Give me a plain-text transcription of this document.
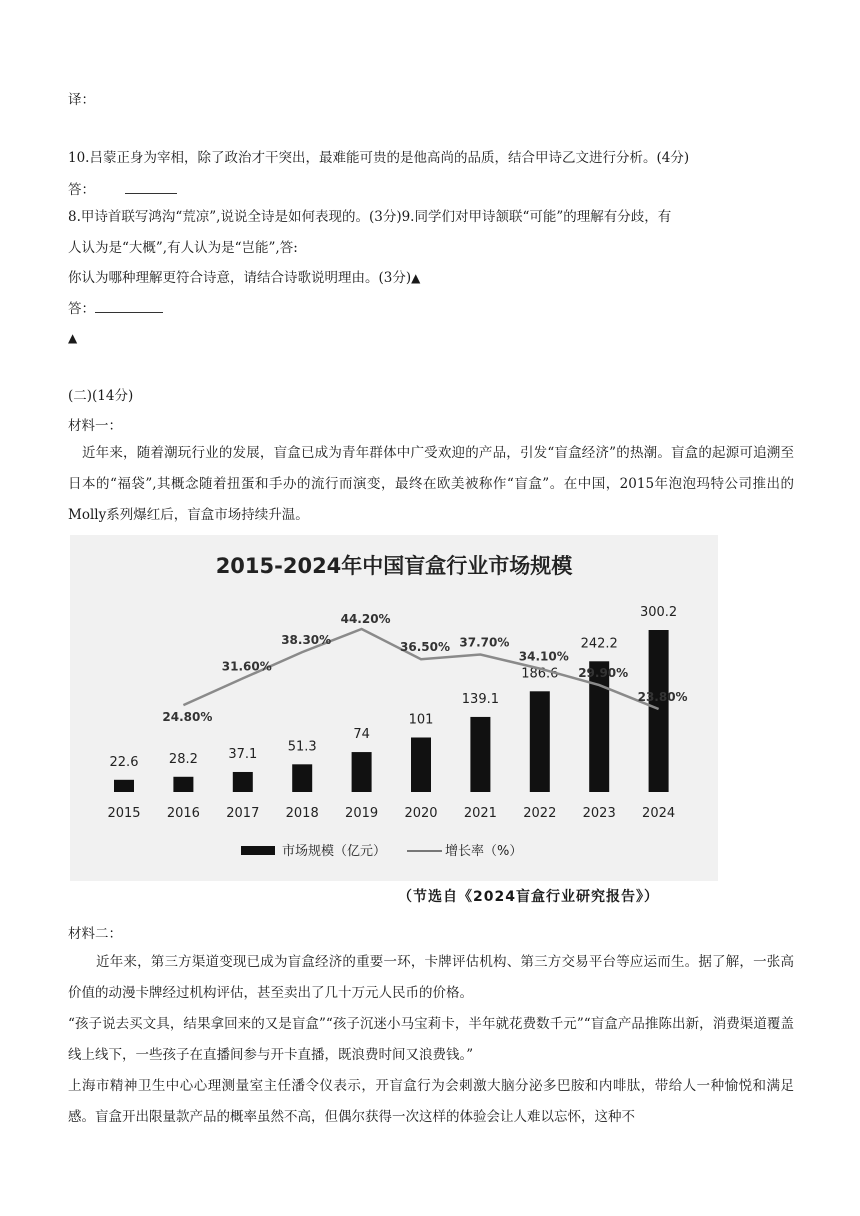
译：
10.吕蒙正身为宰相，除了政治才干突出，最难能可贵的是他高尚的品质，结合甲诗乙文进行分析。(4分)
答：
8.甲诗首联写鸿沟“荒凉”,说说全诗是如何表现的。(3分)9.同学们对甲诗颔联“可能”的理解有分歧，有
人认为是“大概”,有人认为是“岂能”,答:
你认为哪种理解更符合诗意，请结合诗歌说明理由。(3分)▲
答：
▲
(二)(14分)
材料一：
近年来，随着潮玩行业的发展，盲盒已成为青年群体中广受欢迎的产品，引发“盲盒经济”的热潮。盲盒的起源可追溯至日本的“福袋”,其概念随着扭蛋和手办的流行而演变，最终在欧美被称作“盲盒”。在中国，2015年泡泡玛特公司推出的Molly系列爆红后，盲盒市场持续升温。
2015-2024年中国盲盒行业市场规模
22.6
2015
28.2
2016
37.1
2017
51.3
2018
74
2019
101
2020
139.1
2021
186.6
2022
242.2
2023
300.2
2024
24.80%
31.60%
38.30%
44.20%
36.50% 37.70%
34.10%
29.90%
23.80%
市场规模（亿元）	增长率（%）
（节选自《2024盲盒行业研究报告》）
材料二：
近年来，第三方渠道变现已成为盲盒经济的重要一环，卡牌评估机构、第三方交易平台等应运而生。据了解，一张高价值的动漫卡牌经过机构评估，甚至卖出了几十万元人民币的价格。
“孩子说去买文具，结果拿回来的又是盲盒”“孩子沉迷小马宝莉卡，半年就花费数千元”“盲盒产品推陈出新，消费渠道覆盖线上线下，一些孩子在直播间参与开卡直播，既浪费时间又浪费钱。”
上海市精神卫生中心心理测量室主任潘令仪表示，开盲盒行为会刺激大脑分泌多巴胺和内啡肽，带给人一种愉悦和满足感。盲盒开出限量款产品的概率虽然不高，但偶尔获得一次这样的体验会让人难以忘怀，这种不
